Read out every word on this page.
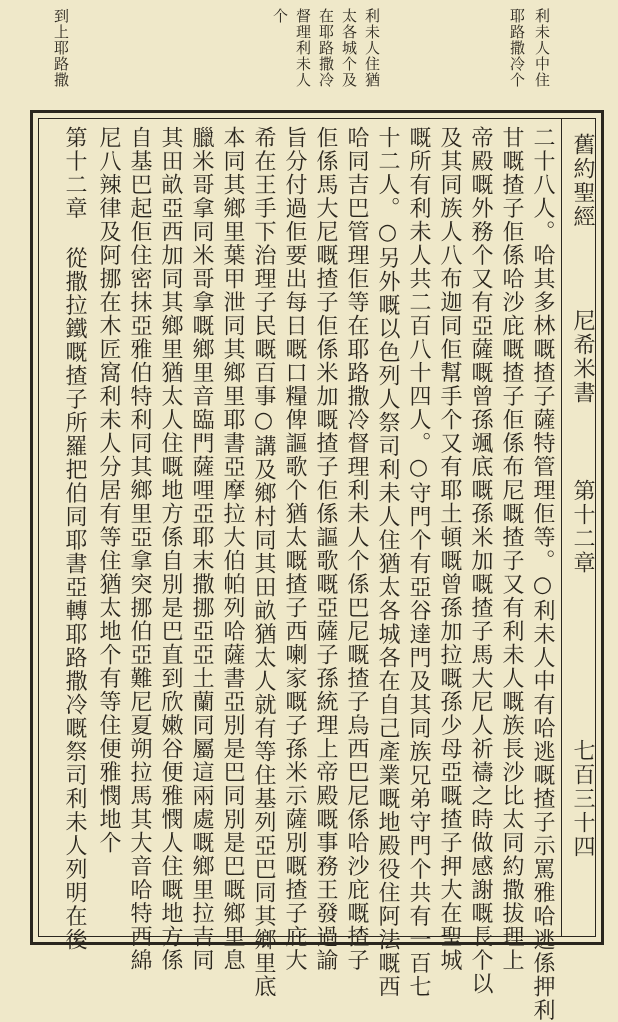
利未人中住
耶路撒冷个
利未人住猶
太各城个及
在耶路撒冷
督理利未人
个
到上耶路撒
舊約聖經
尼希米書
第十二章
七百三十四
二十八人。哈其多林嘅揸子薩特管理佢等。○利未人中有哈逃嘅揸子示罵雅哈逃係押利
甘嘅揸子佢係哈沙庇嘅揸子佢係布尼嘅揸子又有利未人嘅族長沙比太同約撒拔理上
帝殿嘅外務个又有亞薩嘅曾孫颯底嘅孫米加嘅揸子馬大尼人祈禱之時做感謝嘅長个以
及其同族人八布迦同佢幫手个又有耶土頓嘅曾孫加拉嘅孫少母亞嘅揸子押大在聖城
嘅所有利未人共二百八十四人。○守門个有亞谷達門及其同族兄弟守門个共有一百七
十二人。○另外嘅以色列人祭司利未人住猶太各城各在自己產業嘅地殿役住阿法嘅西
哈同吉巴管理佢等在耶路撒冷督理利未人个係巴尼嘅揸子烏西巴尼係哈沙庇嘅揸子
佢係馬大尼嘅揸子佢係米加嘅揸子佢係謳歌嘅亞薩子孫統理上帝殿嘅事務王發過諭
旨分付過佢要出每日嘅口糧俾謳歌个猶太嘅揸子西喇家嘅子孫米示薩別嘅揸子庇大
希在王手下治理子民嘅百事○講及鄉村同其田畝猶太人就有等住基列亞巴同其鄉里底
本同其鄉里葉甲泄同其鄉里耶書亞摩拉大伯帕列哈薩書亞別是巴同別是巴嘅鄉里息
臘米哥拿同米哥拿嘅鄉里音臨門薩哩亞耶末撒挪亞亞土蘭同屬這兩處嘅鄉里拉吉同
其田畝亞西加同其鄉里猶太人住嘅地方係自別是巴直到欣嫩谷便雅憫人住嘅地方係
自基巴起佢住密抹亞雅伯特利同其鄉里亞拿突挪伯亞難尼夏朔拉馬其大音哈特西綿
尼八辣律及阿挪在木匠窩利未人分居有等住猶太地个有等住便雅憫地个
第十二章 從撒拉鐵嘅揸子所羅把伯同耶書亞轉耶路撒冷嘅祭司利未人列明在後
